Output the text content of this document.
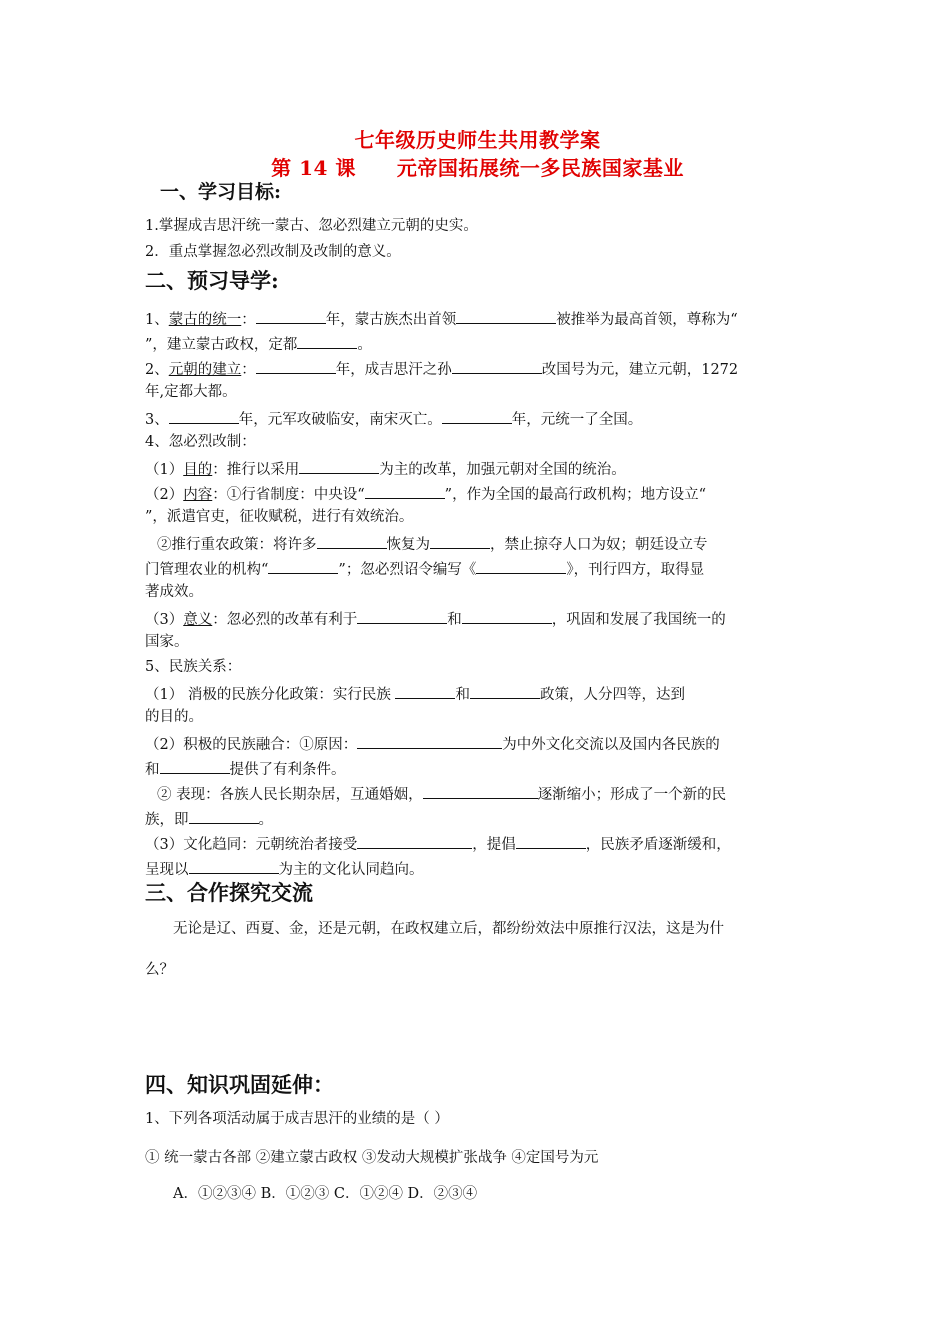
七年级历史师生共用教学案
第 14 课　　元帝国拓展统一多民族国家基业
一、学习目标:
1.掌握成吉思汗统一蒙古、忽必烈建立元朝的史实。
2．重点掌握忽必烈改制及改制的意义。
二、预习导学:
1、蒙古的统一：	年，蒙古族杰出首领	被推举为最高首领，尊称为“
”，建立蒙古政权，定都	。
2、元朝的建立：	年，成吉思汗之孙	改国号为元，建立元朝，1272
年,定都大都。
3、	年，元军攻破临安，南宋灭亡。	年，元统一了全国。
4、忽必烈改制：
（1）目的：推行以采用	为主的改革，加强元朝对全国的统治。
（2）内容：①行省制度：中央设“	”，作为全国的最高行政机构；地方设立“
”，派遣官吏，征收赋税，进行有效统治。
②推行重农政策：将许多	恢复为	，禁止掠夺人口为奴；朝廷设立专
门管理农业的机构“	”；忽必烈诏令编写《	》，刊行四方，取得显
著成效。
（3）意义：忽必烈的改革有利于	和	，巩固和发展了我国统一的
国家。
5、民族关系：
（1） 消极的民族分化政策：实行民族	和	政策，人分四等，达到
的目的。
（2）积极的民族融合：①原因：	为中外文化交流以及国内各民族的
和	提供了有利条件。
② 表现：各族人民长期杂居，互通婚姻，	逐渐缩小；形成了一个新的民
族，即	。
（3）文化趋同：元朝统治者接受	，提倡	，民族矛盾逐渐缓和，
呈现以	为主的文化认同趋向。
三、合作探究交流
无论是辽、西夏、金，还是元朝，在政权建立后，都纷纷效法中原推行汉法，这是为什
么？
四、知识巩固延伸：
1、下列各项活动属于成吉思汗的业绩的是（ ）
① 统一蒙古各部 ②建立蒙古政权 ③发动大规模扩张战争 ④定国号为元
A．①②③④ B．①②③ C．①②④ D．②③④
